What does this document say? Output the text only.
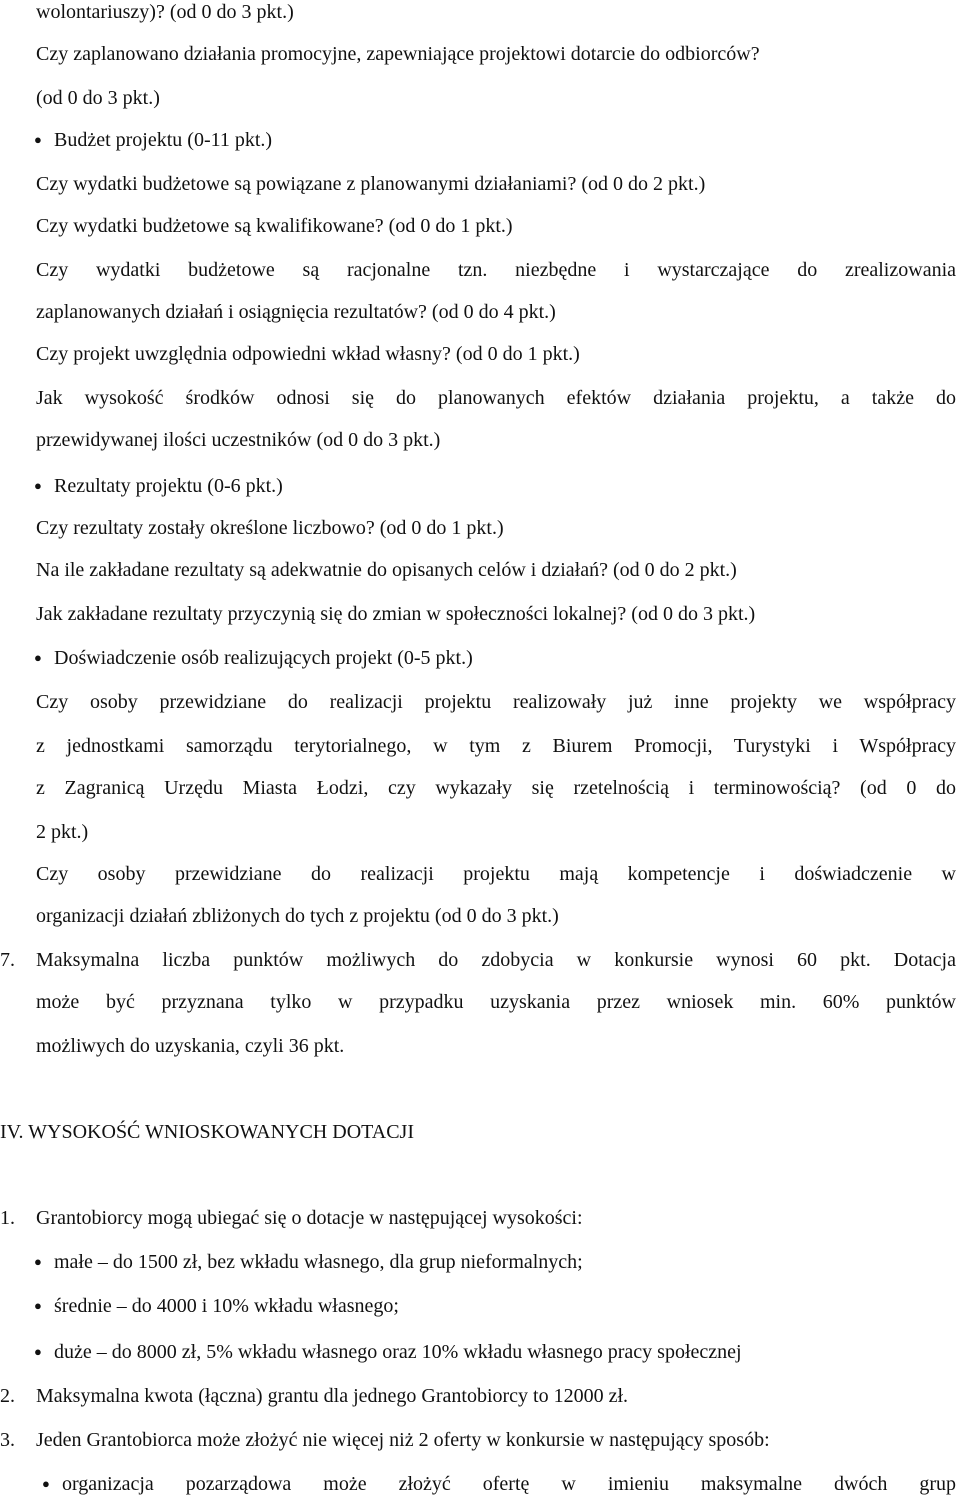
wolontariuszy)? (od 0 do 3 pkt.)
Czy zaplanowano działania promocyjne, zapewniające projektowi dotarcie do odbiorców?
(od 0 do 3 pkt.)
● Budżet projektu (0-11 pkt.)
Czy wydatki budżetowe są powiązane z planowanymi działaniami? (od 0 do 2 pkt.)
Czy wydatki budżetowe są kwalifikowane? (od 0 do 1 pkt.)
Czy wydatki budżetowe są racjonalne tzn. niezbędne i wystarczające do zrealizowania
zaplanowanych działań i osiągnięcia rezultatów? (od 0 do 4 pkt.)
Czy projekt uwzględnia odpowiedni wkład własny? (od 0 do 1 pkt.)
Jak wysokość środków odnosi się do planowanych efektów działania projektu, a także do
przewidywanej ilości uczestników (od 0 do 3 pkt.)
● Rezultaty projektu (0-6 pkt.)
Czy rezultaty zostały określone liczbowo? (od 0 do 1 pkt.)
Na ile zakładane rezultaty są adekwatnie do opisanych celów i działań? (od 0 do 2 pkt.)
Jak zakładane rezultaty przyczynią się do zmian w społeczności lokalnej? (od 0 do 3 pkt.)
● Doświadczenie osób realizujących projekt (0-5 pkt.)
Czy osoby przewidziane do realizacji projektu realizowały już inne projekty we współpracy
z jednostkami samorządu terytorialnego, w tym z Biurem Promocji, Turystyki i Współpracy
z Zagranicą Urzędu Miasta Łodzi, czy wykazały się rzetelnością i terminowością? (od 0 do
2 pkt.)
Czy osoby przewidziane do realizacji projektu mają kompetencje i doświadczenie w
organizacji działań zbliżonych do tych z projektu (od 0 do 3 pkt.)
7.	Maksymalna liczba punktów możliwych do zdobycia w konkursie wynosi 60 pkt. Dotacja
może być przyznana tylko w przypadku uzyskania przez wniosek min. 60% punktów
możliwych do uzyskania, czyli 36 pkt.
IV. WYSOKOŚĆ WNIOSKOWANYCH DOTACJI
1.	Grantobiorcy mogą ubiegać się o dotacje w następującej wysokości:
● małe – do 1500 zł, bez wkładu własnego, dla grup nieformalnych;
● średnie – do 4000 i 10% wkładu własnego;
● duże – do 8000 zł, 5% wkładu własnego oraz 10% wkładu własnego pracy społecznej
2.	Maksymalna kwota (łączna) grantu dla jednego Grantobiorcy to 12000 zł.
3.	Jeden Grantobiorca może złożyć nie więcej niż 2 oferty w konkursie w następujący sposób:
● organizacja pozarządowa może złożyć ofertę w imieniu maksymalne dwóch grup
